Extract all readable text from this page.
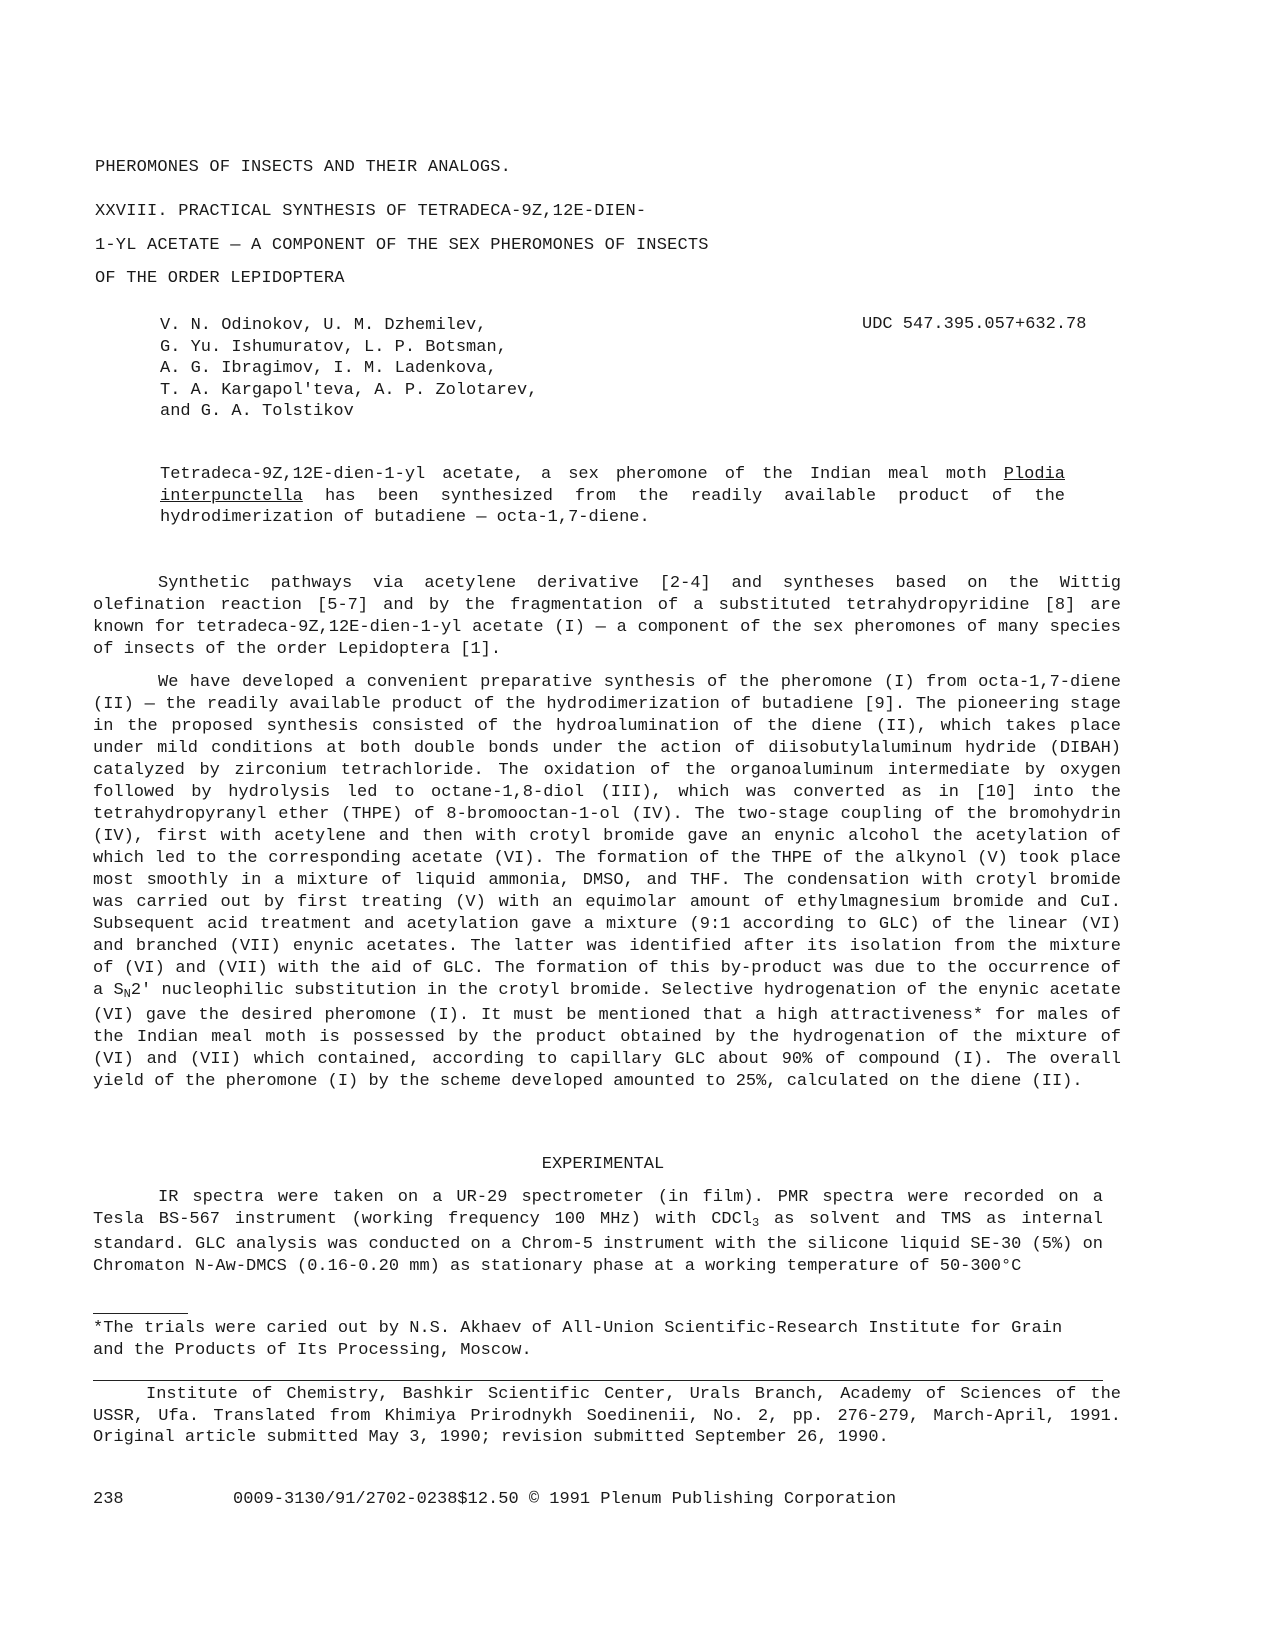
PHEROMONES OF INSECTS AND THEIR ANALOGS.
XXVIII. PRACTICAL SYNTHESIS OF TETRADECA-9Z,12E-DIEN-
1-YL ACETATE — A COMPONENT OF THE SEX PHEROMONES OF INSECTS
OF THE ORDER LEPIDOPTERA
V. N. Odinokov, U. M. Dzhemilev,
G. Yu. Ishumuratov, L. P. Botsman,
A. G. Ibragimov, I. M. Ladenkova,
T. A. Kargapol'teva, A. P. Zolotarev,
and G. A. Tolstikov
UDC 547.395.057+632.78
Tetradeca-9Z,12E-dien-1-yl acetate, a sex pheromone of the Indian meal moth Plodia interpunctella has been synthesized from the readily available product of the hydrodimerization of butadiene — octa-1,7-diene.

Synthetic pathways via acetylene derivative [2-4] and syntheses based on the Wittig olefination reaction [5-7] and by the fragmentation of a substituted tetrahydropyridine [8] are known for tetradeca-9Z,12E-dien-1-yl acetate (I) — a component of the sex pheromones of many species of insects of the order Lepidoptera [1].

We have developed a convenient preparative synthesis of the pheromone (I) from octa-1,7-diene (II) — the readily available product of the hydrodimerization of butadiene [9]. The pioneering stage in the proposed synthesis consisted of the hydroalumination of the diene (II), which takes place under mild conditions at both double bonds under the action of diisobutylaluminum hydride (DIBAH) catalyzed by zirconium tetrachloride. The oxidation of the organoaluminum intermediate by oxygen followed by hydrolysis led to octane-1,8-diol (III), which was converted as in [10] into the tetrahydropyranyl ether (THPE) of 8-bromooctan-1-ol (IV). The two-stage coupling of the bromohydrin (IV), first with acetylene and then with crotyl bromide gave an enynic alcohol the acetylation of which led to the corresponding acetate (VI). The formation of the THPE of the alkynol (V) took place most smoothly in a mixture of liquid ammonia, DMSO, and THF. The condensation with crotyl bromide was carried out by first treating (V) with an equimolar amount of ethylmagnesium bromide and CuI. Subsequent acid treatment and acetylation gave a mixture (9:1 according to GLC) of the linear (VI) and branched (VII) enynic acetates. The latter was identified after its isolation from the mixture of (VI) and (VII) with the aid of GLC. The formation of this by-product was due to the occurrence of a $S_N2'$ nucleophilic substitution in the crotyl bromide. Selective hydrogenation of the enynic acetate (VI) gave the desired pheromone (I). It must be mentioned that a high attractiveness* for males of the Indian meal moth is possessed by the product obtained by the hydrogenation of the mixture of (VI) and (VII) which contained, according to capillary GLC about 90% of compound (I). The overall yield of the pheromone (I) by the scheme developed amounted to 25%, calculated on the diene (II).

EXPERIMENTAL

IR spectra were taken on a UR-29 spectrometer (in film). PMR spectra were recorded on a Tesla BS-567 instrument (working frequency 100 MHz) with CDCl$_3$ as solvent and TMS as internal standard. GLC analysis was conducted on a Chrom-5 instrument with the silicone liquid SE-30 (5%) on Chromaton N-Aw-DMCS (0.16-0.20 mm) as stationary phase at a working temperature of 50-300°C

*The trials were caried out by N.S. Akhaev of All-Union Scientific-Research Institute for Grain and the Products of Its Processing, Moscow.

Institute of Chemistry, Bashkir Scientific Center, Urals Branch, Academy of Sciences of the USSR, Ufa. Translated from Khimiya Prirodnykh Soedinenii, No. 2, pp. 276-279, March-April, 1991. Original article submitted May 3, 1990; revision submitted September 26, 1990.

238	0009-3130/91/2702-0238$12.50 © 1991 Plenum Publishing Corporation
